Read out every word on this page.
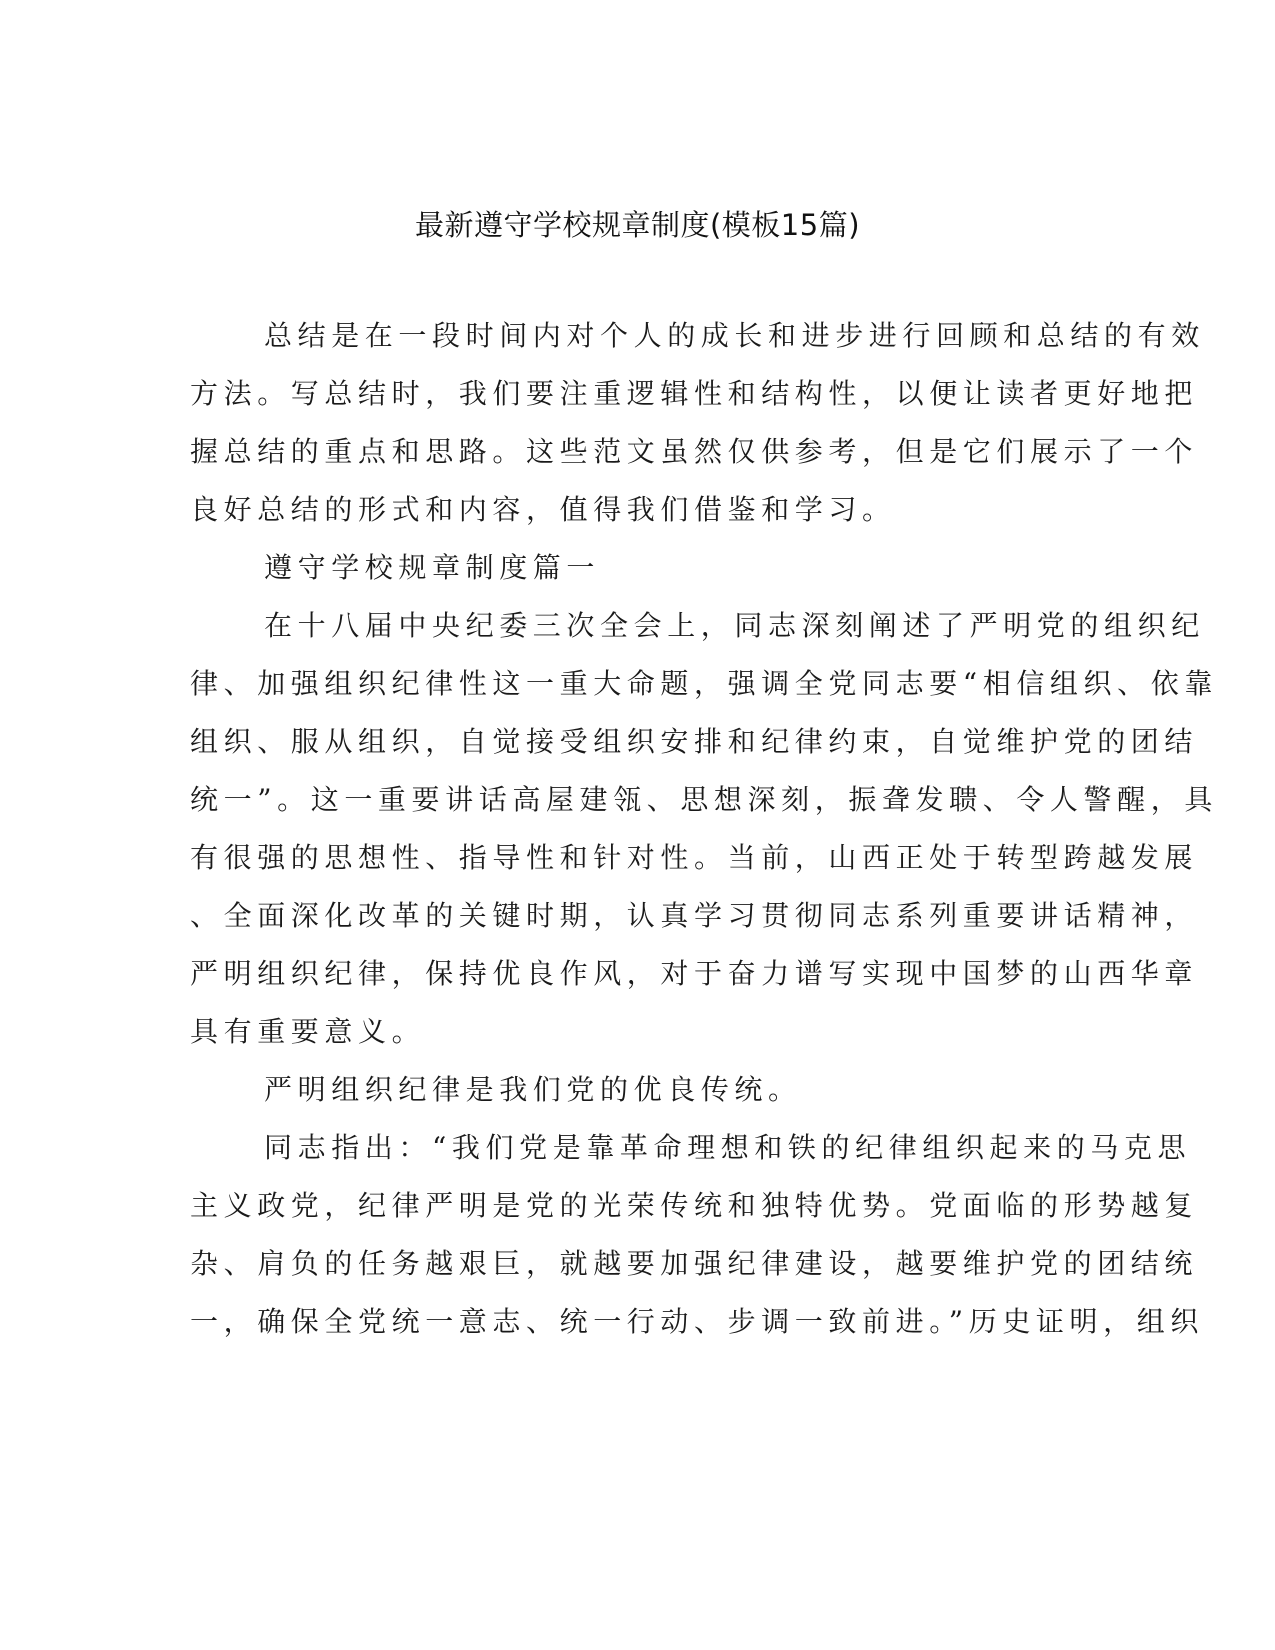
最新遵守学校规章制度(模板15篇)
总结是在一段时间内对个人的成长和进步进行回顾和总结的有效
方法。写总结时，我们要注重逻辑性和结构性，以便让读者更好地把
握总结的重点和思路。这些范文虽然仅供参考，但是它们展示了一个
良好总结的形式和内容，值得我们借鉴和学习。
遵守学校规章制度篇一
在十八届中央纪委三次全会上，同志深刻阐述了严明党的组织纪
律、加强组织纪律性这一重大命题，强调全党同志要“相信组织、依靠
组织、服从组织，自觉接受组织安排和纪律约束，自觉维护党的团结
统一”。这一重要讲话高屋建瓴、思想深刻，振聋发聩、令人警醒，具
有很强的思想性、指导性和针对性。当前，山西正处于转型跨越发展
、全面深化改革的关键时期，认真学习贯彻同志系列重要讲话精神，
严明组织纪律，保持优良作风，对于奋力谱写实现中国梦的山西华章
具有重要意义。
严明组织纪律是我们党的优良传统。
同志指出：“我们党是靠革命理想和铁的纪律组织起来的马克思
主义政党，纪律严明是党的光荣传统和独特优势。党面临的形势越复
杂、肩负的任务越艰巨，就越要加强纪律建设，越要维护党的团结统
一，确保全党统一意志、统一行动、步调一致前进。”历史证明，组织
